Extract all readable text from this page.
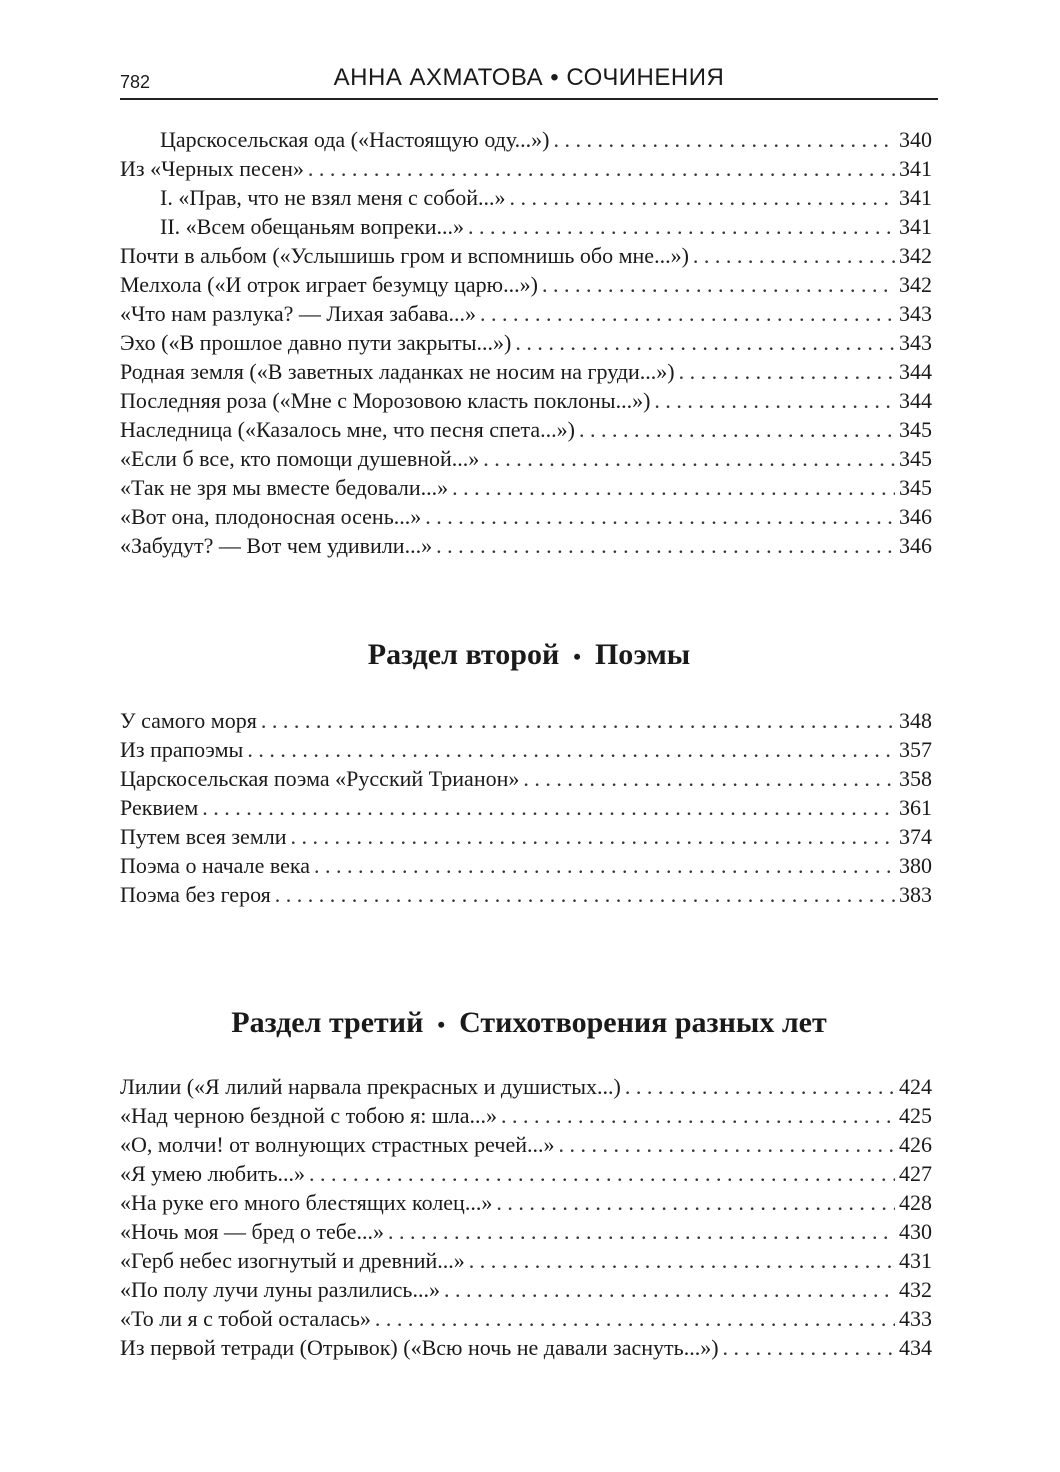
782	АННА АХМАТОВА • СОЧИНЕНИЯ
Царскосельская ода («Настоящую оду...») . . .	340
Из «Черных песен» . . .	341
I. «Прав, что не взял меня с собой...» . . .	341
II. «Всем обещаньям вопреки...» . . .	341
Почти в альбом («Услышишь гром и вспомнишь обо мне...») . . .	342
Мелхола («И отрок играет безумцу царю...») . . .	342
«Что нам разлука? — Лихая забава...» . . .	343
Эхо («В прошлое давно пути закрыты...») . . .	343
Родная земля («В заветных ладанках не носим на груди...») . . .	344
Последняя роза («Мне с Морозовою класть поклоны...») . . .	344
Наследница («Казалось мне, что песня спета...») . . .	345
«Если б все, кто помощи душевной...» . . .	345
«Так не зря мы вместе бедовали...» . . .	345
«Вот она, плодоносная осень...» . . .	346
«Забудут? — Вот чем удивили...» . . .	346
Раздел второй • Поэмы
У самого моря . . .	348
Из прапоэмы . . .	357
Царскосельская поэма «Русский Трианон» . . .	358
Реквием . . .	361
Путем всея земли . . .	374
Поэма о начале века . . .	380
Поэма без героя . . .	383
Раздел третий • Стихотворения разных лет
Лилии («Я лилий нарвала прекрасных и душистых...) . . .	424
«Над черною бездной с тобою я: шла...» . . .	425
«О, молчи! от волнующих страстных речей...» . . .	426
«Я умею любить...» . . .	427
«На руке его много блестящих колец...» . . .	428
«Ночь моя — бред о тебе...» . . .	430
«Герб небес изогнутый и древний...» . . .	431
«По полу лучи луны разлились...» . . .	432
«То ли я с тобой осталась» . . .	433
Из первой тетради (Отрывок) («Всю ночь не давали заснуть...») . . .	434
